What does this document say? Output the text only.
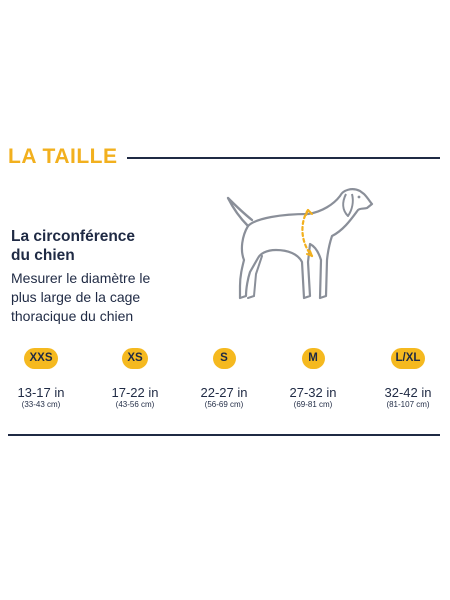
LA TAILLE
La circonférence
du chien

Mesurer le diamètre le
plus large de la cage
thoracique du chien

XXS
13-17 in
(33-43 cm)
XS
17-22 in
(43-56 cm)
S
22-27 in
(56-69 cm)
M
27-32 in
(69-81 cm)
L/XL
32-42 in
(81-107 cm)
